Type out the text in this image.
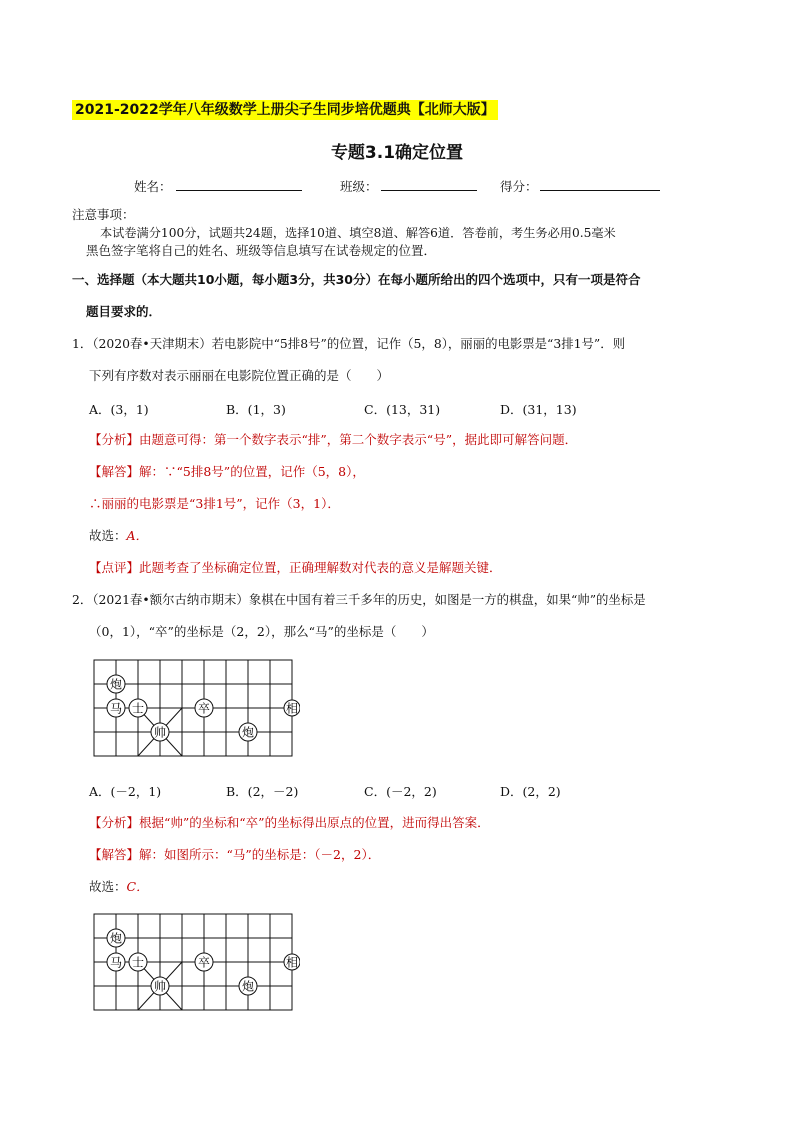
2021-2022学年八年级数学上册尖子生同步培优题典【北师大版】
专题3.1确定位置
姓名：	班级：	得分：
注意事项：
本试卷满分100分，试题共24题，选择10道、填空8道、解答6道．答卷前，考生务必用0.5毫米
黑色签字笔将自己的姓名、班级等信息填写在试卷规定的位置．
一、选择题（本大题共10小题，每小题3分，共30分）在每小题所给出的四个选项中，只有一项是符合
题目要求的．
1．（2020春•天津期末）若电影院中“5排8号”的位置，记作（5，8），丽丽的电影票是“3排1号”．则
下列有序数对表示丽丽在电影院位置正确的是（　　）
A．(3，1)	B．(1，3)	C．(13，31)	D．(31，13)
【分析】由题意可得：第一个数字表示“排”，第二个数字表示“号”，据此即可解答问题．
【解答】解：∵“5排8号”的位置，记作（5，8），
∴丽丽的电影票是“3排1号”，记作（3，1）．
故选：A．
【点评】此题考查了坐标确定位置，正确理解数对代表的意义是解题关键．
2．（2021春•额尔古纳市期末）象棋在中国有着三千多年的历史，如图是一方的棋盘，如果“帅”的坐标是
（0，1），“卒”的坐标是（2，2），那么“马”的坐标是（　　）
炮
马 士
帅
卒
炮
相
A．(－2，1)	B．(2，－2)	C．(－2，2)	D．(2，2)
【分析】根据“帅”的坐标和“卒”的坐标得出原点的位置，进而得出答案．
【解答】解：如图所示：“马”的坐标是：（－2，2）．
故选：C．
炮
马 士
帅
卒
炮
相
